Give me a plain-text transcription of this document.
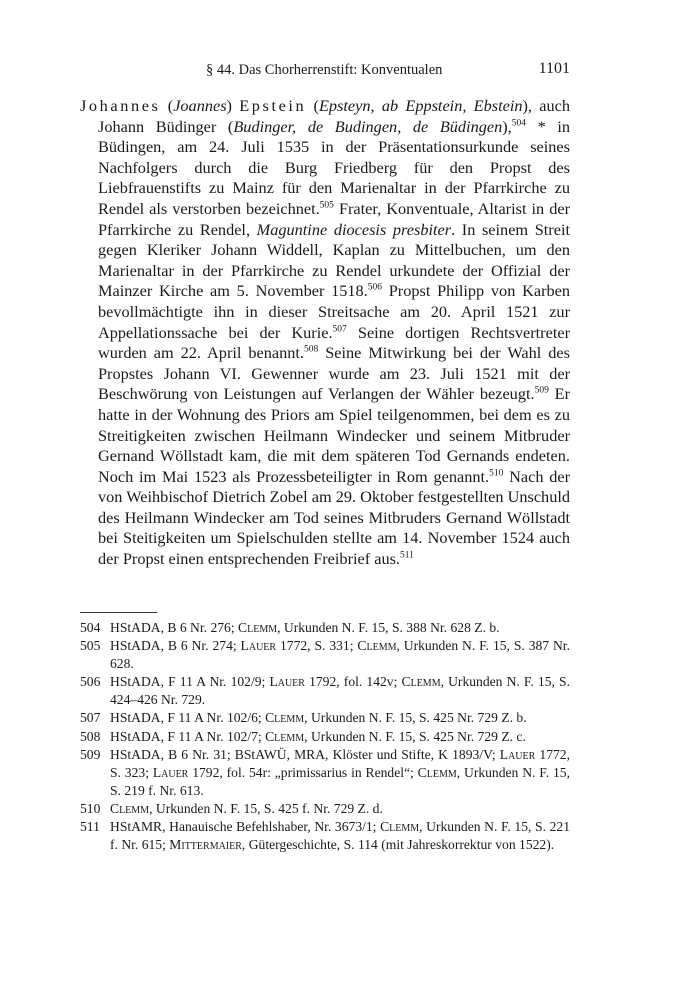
§ 44. Das Chorherrenstift: Konventualen	1101

Johannes (Joannes) Epstein (Epsteyn, ab Eppstein, Ebstein), auch Johann Büdinger (Budinger, de Budingen, de Büdingen),$^{504}$ * in Büdingen, am 24. Juli 1535 in der Präsentationsurkunde seines Nachfolgers durch die Burg Friedberg für den Propst des Liebfrauenstifts zu Mainz für den Marienaltar in der Pfarrkirche zu Rendel als verstorben bezeichnet.$^{505}$ Frater, Konventuale, Altarist in der Pfarrkirche zu Rendel, Maguntine diocesis presbiter. In seinem Streit gegen Kleriker Johann Widdell, Kaplan zu Mittelbuchen, um den Marienaltar in der Pfarrkirche zu Rendel urkundete der Offizial der Mainzer Kirche am 5. November 1518.$^{506}$ Propst Philipp von Karben bevollmächtigte ihn in dieser Streitsache am 20. April 1521 zur Appellationssache bei der Kurie.$^{507}$ Seine dortigen Rechtsvertreter wurden am 22. April benannt.$^{508}$ Seine Mitwirkung bei der Wahl des Propstes Johann VI. Gewenner wurde am 23. Juli 1521 mit der Beschwörung von Leistungen auf Verlangen der Wähler bezeugt.$^{509}$ Er hatte in der Wohnung des Priors am Spiel teilgenommen, bei dem es zu Streitigkeiten zwischen Heilmann Windecker und seinem Mitbruder Gernand Wöllstadt kam, die mit dem späteren Tod Gernands endeten. Noch im Mai 1523 als Prozessbeteiligter in Rom genannt.$^{510}$ Nach der von Weihbischof Dietrich Zobel am 29. Oktober festgestellten Unschuld des Heilmann Windecker am Tod seines Mitbruders Gernand Wöllstadt bei Steitigkeiten um Spielschulden stellte am 14. November 1524 auch der Propst einen entsprechenden Freibrief aus.$^{511}$

504 HStADA, B 6 Nr. 276; Clemm, Urkunden N. F. 15, S. 388 Nr. 628 Z. b.
505 HStADA, B 6 Nr. 274; Lauer 1772, S. 331; Clemm, Urkunden N. F. 15, S. 387 Nr. 628.
506 HStADA, F 11 A Nr. 102/9; Lauer 1792, fol. 142v; Clemm, Urkunden N. F. 15, S. 424–426 Nr. 729.
507 HStADA, F 11 A Nr. 102/6; Clemm, Urkunden N. F. 15, S. 425 Nr. 729 Z. b.
508 HStADA, F 11 A Nr. 102/7; Clemm, Urkunden N. F. 15, S. 425 Nr. 729 Z. c.
509 HStADA, B 6 Nr. 31; BStAWÜ, MRA, Klöster und Stifte, K 1893/V; Lauer 1772, S. 323; Lauer 1792, fol. 54r: „primissarius in Rendel“; Clemm, Urkunden N. F. 15, S. 219 f. Nr. 613.
510 Clemm, Urkunden N. F. 15, S. 425 f. Nr. 729 Z. d.
511 HStAMR, Hanauische Befehlshaber, Nr. 3673/1; Clemm, Urkunden N. F. 15, S. 221 f. Nr. 615; Mittermaier, Gütergeschichte, S. 114 (mit Jahreskorrektur von 1522).
